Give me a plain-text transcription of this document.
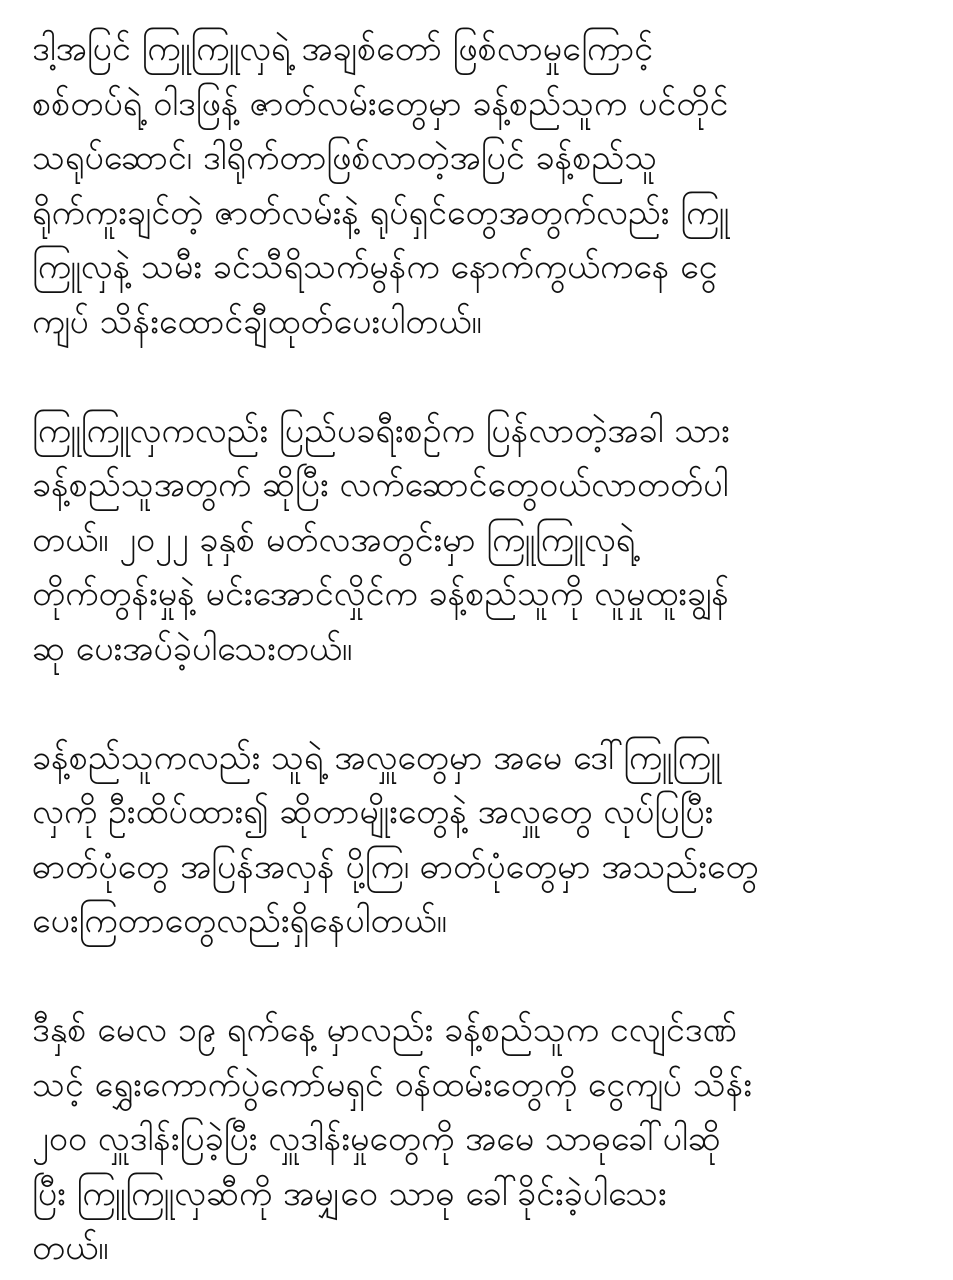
ဒါ့အပြင် ကြူကြူလှရဲ့ အချစ်တော် ဖြစ်လာမှုကြောင့်
စစ်တပ်ရဲ့ ဝါဒဖြန့် ဇာတ်လမ်းတွေမှာ ခန့်စည်သူက ပင်တိုင်
သရုပ်ဆောင်၊ ဒါရိုက်တာဖြစ်လာတဲ့အပြင် ခန့်စည်သူ
ရိုက်ကူးချင်တဲ့ ဇာတ်လမ်းနဲ့ ရုပ်ရှင်တွေအတွက်လည်း ကြူ
ကြူလှနဲ့ သမီး ခင်သီရိသက်မွန်က နောက်ကွယ်ကနေ ငွေ
ကျပ် သိန်းထောင်ချီထုတ်ပေးပါတယ်။
ကြူကြူလှကလည်း ပြည်ပခရီးစဉ်က ပြန်လာတဲ့အခါ သား
ခန့်စည်သူအတွက် ဆိုပြီး လက်ဆောင်တွေဝယ်လာတတ်ပါ
တယ်။ ၂၀၂၂ ခုနှစ် မတ်လအတွင်းမှာ ကြူကြူလှရဲ့
တိုက်တွန်းမှုနဲ့ မင်းအောင်လှိုင်က ခန့်စည်သူကို လူမှုထူးချွန်
ဆု ပေးအပ်ခဲ့ပါသေးတယ်။
ခန့်စည်သူကလည်း သူရဲ့ အလှူတွေမှာ အမေ ဒေါ်ကြူကြူ
လှကို ဦးထိပ်ထား၍ ဆိုတာမျိုးတွေနဲ့ အလှူတွေ လုပ်ပြပြီး
ဓာတ်ပုံတွေ အပြန်အလှန် ပို့ကြ၊ ဓာတ်ပုံတွေမှာ အသည်းတွေ
ပေးကြတာတွေလည်းရှိနေပါတယ်။
ဒီနှစ် မေလ ၁၉ ရက်နေ့ မှာလည်း ခန့်စည်သူက ငလျင်ဒဏ်
သင့် ရွှေးကောက်ပွဲကော်မရှင် ဝန်ထမ်းတွေကို ငွေကျပ် သိန်း
၂၀၀ လှူဒါန်းပြခဲ့ပြီး လှူဒါန်းမှုတွေကို အမေ သာဓုခေါ်ပါဆို
ပြီး ကြူကြူလှဆီကို အမျှဝေ သာဓု ခေါ်ခိုင်းခဲ့ပါသေး
တယ်။
